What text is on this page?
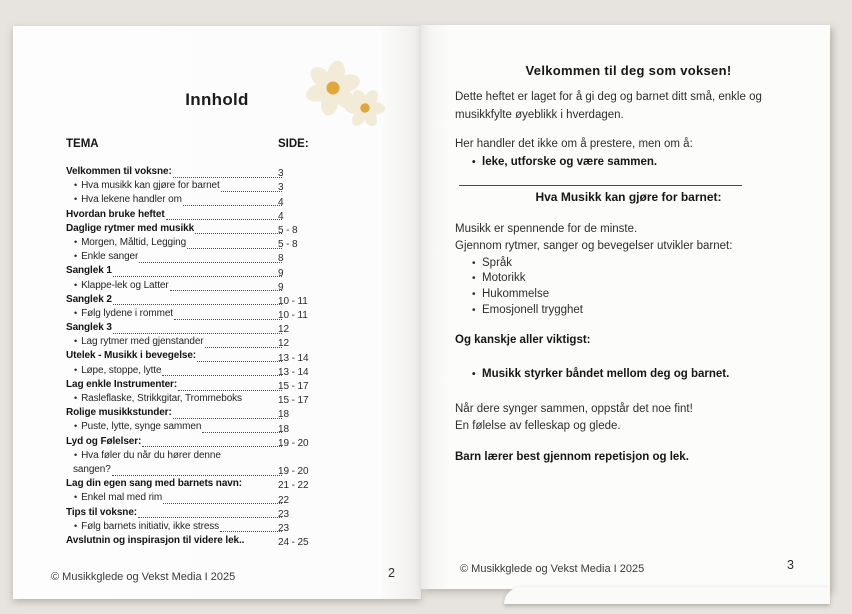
Innhold
TEMA	SIDE:
Velkommen til voksne:	3
• Hva musikk kan gjøre for barnet	3
• Hva lekene handler om	4
Hvordan bruke heftet	4
Daglige rytmer med musikk	5 - 8
• Morgen, Måltid, Legging	5 - 8
• Enkle sanger	8
Sanglek 1	9
• Klappe-lek og Latter	9
Sanglek 2	10 - 11
• Følg lydene i rommet	10 - 11
Sanglek 3	12
• Lag rytmer med gjenstander	12
Utelek - Musikk i bevegelse:	13 - 14
• Løpe, stoppe, lytte	13 - 14
Lag enkle Instrumenter:	15 - 17
• Rasleflaske, Strikkgitar, Trommeboks	15 - 17
Rolige musikkstunder:	18
• Puste, lytte, synge sammen	18
Lyd og Følelser:	19 - 20
• Hva føler du når du hører denne
sangen?	19 - 20
Lag din egen sang med barnets navn:	21 - 22
• Enkel mal med rim	22
Tips til voksne:	23
• Følg barnets initiativ, ikke stress	23
Avslutnin og inspirasjon til videre lek..	24 - 25
© Musikkglede og Vekst Media I 2025	2
Velkommen til deg som voksen!
Dette heftet er laget for å gi deg og barnet ditt små, enkle og musikkfylte øyeblikk i hverdagen.
Her handler det ikke om å prestere, men om å:
• leke, utforske og være sammen.
Hva Musikk kan gjøre for barnet:
Musikk er spennende for de minste.
Gjennom rytmer, sanger og bevegelser utvikler barnet:
• Språk
• Motorikk
• Hukommelse
• Emosjonell trygghet
Og kanskje aller viktigst:
• Musikk styrker båndet mellom deg og barnet.
Når dere synger sammen, oppstår det noe fint!
En følelse av felleskap og glede.
Barn lærer best gjennom repetisjon og lek.
© Musikkglede og Vekst Media I 2025	3
